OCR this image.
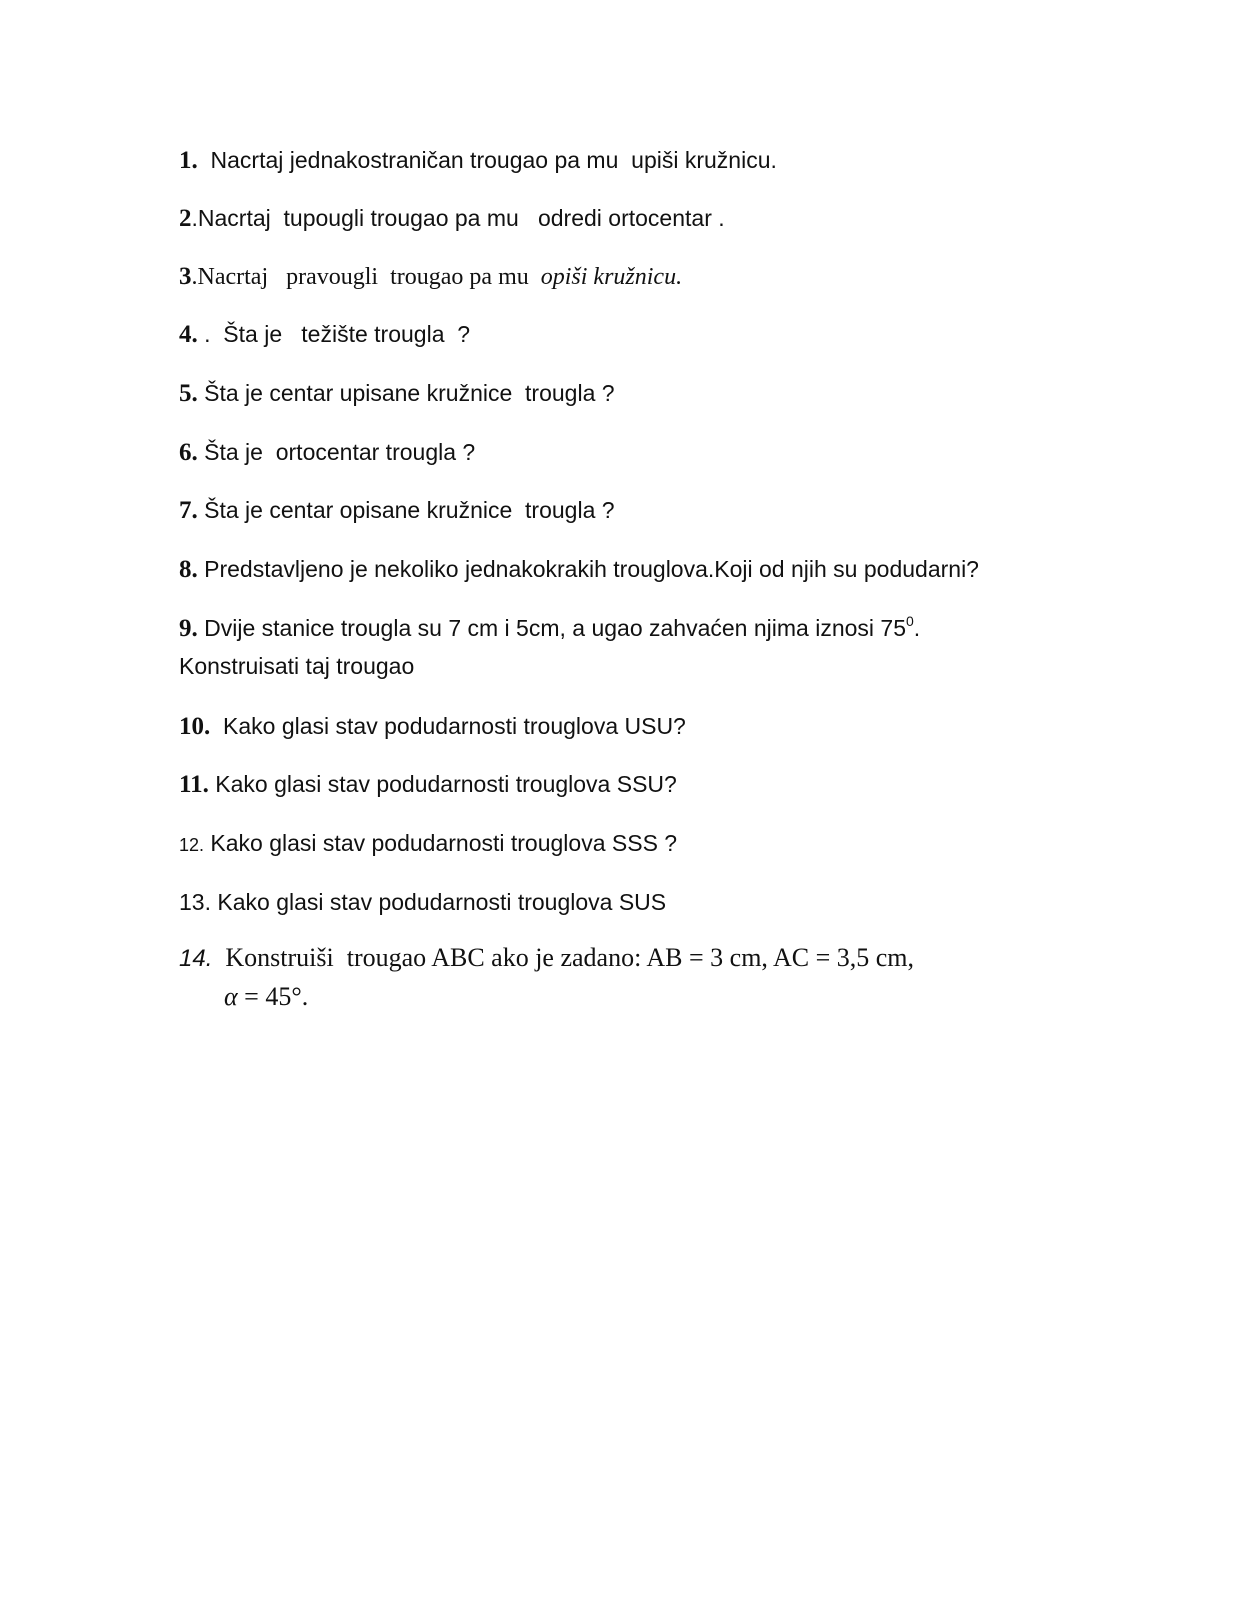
1.  Nacrtaj jednakostraničan trougao pa mu  upiši kružnicu.
2.Nacrtaj  tupougli trougao pa mu   odredi ortocentar .
3.Nacrtaj   pravougli  trougao pa mu  opiši kružnicu.
4. .  Šta je   težište trougla  ?
5. Šta je centar upisane kružnice  trougla ?
6. Šta je  ortocentar trougla ?
7. Šta je centar opisane kružnice  trougla ?
8. Predstavljeno je nekoliko jednakokrakih trouglova.Koji od njih su podudarni?
9. Dvije stanice trougla su 7 cm i 5cm, a ugao zahvaćen njima iznosi $75^0$.
Konstruisati taj trougao
10.  Kako glasi stav podudarnosti trouglova USU?
11. Kako glasi stav podudarnosti trouglova SSU?
12. Kako glasi stav podudarnosti trouglova SSS ?
13. Kako glasi stav podudarnosti trouglova SUS
14.  Konstruiši  trougao ABC ako je zadano: AB = 3 cm, AC = 3,5 cm,
α = 45°.
